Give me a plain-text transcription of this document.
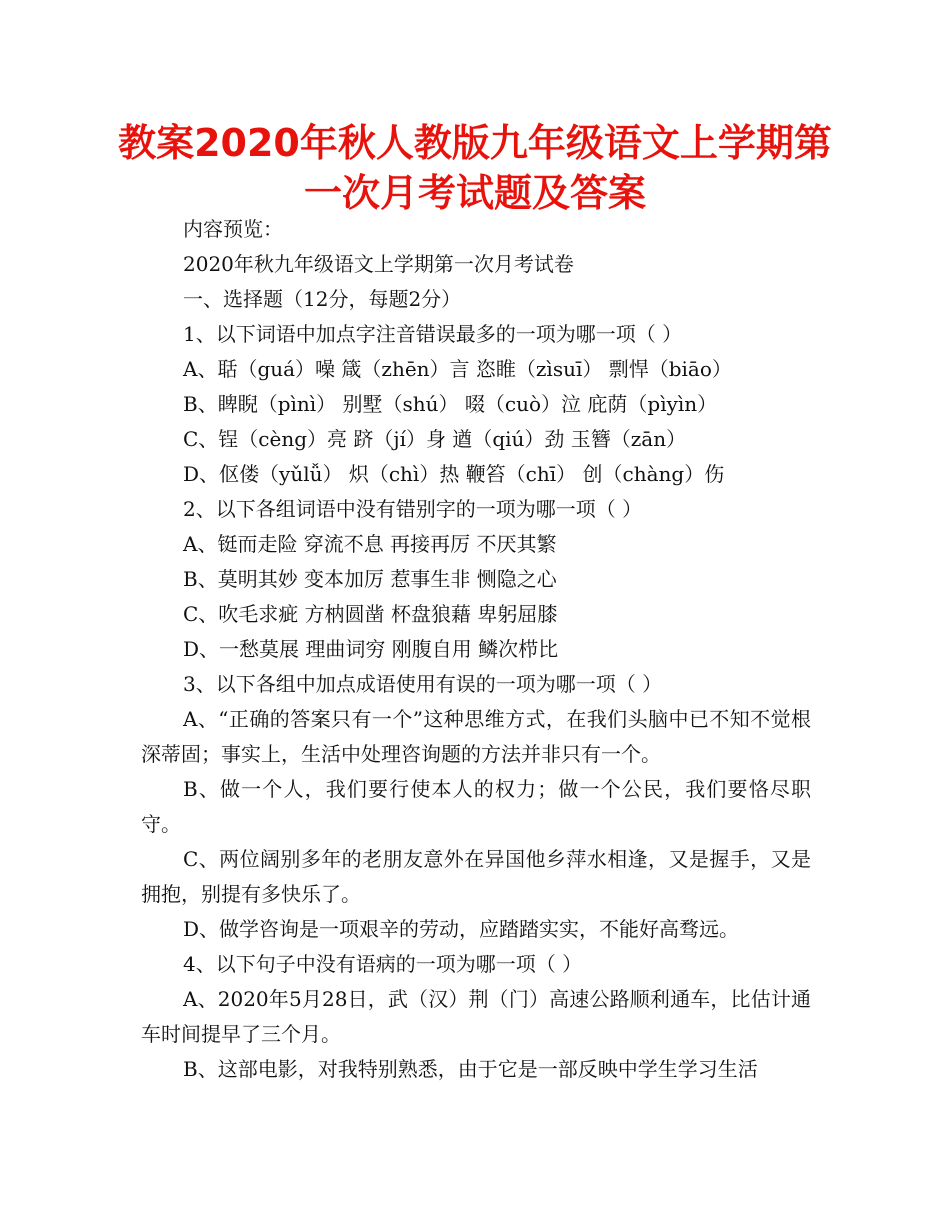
教案2020年秋人教版九年级语文上学期第
一次月考试题及答案

内容预览：

2020年秋九年级语文上学期第一次月考试卷

一、选择题（12分，每题2分）

1、以下词语中加点字注音错误最多的一项为哪一项（ ）

A、聒（guá）噪 箴（zhēn）言 恣睢（zìsuī） 剽悍（biāo）

B、睥睨（pìnì） 别墅（shú） 啜（cuò）泣 庇荫（pìyìn）

C、锃（cèng）亮 跻（jí）身 遒（qiú）劲 玉簪（zān）

D、伛偻（yǔlǚ） 炽（chì）热 鞭笞（chī） 创（chàng）伤

2、以下各组词语中没有错别字的一项为哪一项（ ）

A、铤而走险 穿流不息 再接再厉 不厌其繁

B、莫明其妙 变本加厉 惹事生非 恻隐之心

C、吹毛求疵 方枘圆凿 杯盘狼藉 卑躬屈膝

D、一愁莫展 理曲词穷 刚腹自用 鳞次栉比

3、以下各组中加点成语使用有误的一项为哪一项（ ）

A、“正确的答案只有一个”这种思维方式，在我们头脑中已不知不觉根深蒂固；事实上，生活中处理咨询题的方法并非只有一个。

B、做一个人，我们要行使本人的权力；做一个公民，我们要恪尽职守。

C、两位阔别多年的老朋友意外在异国他乡萍水相逢，又是握手，又是拥抱，别提有多快乐了。

D、做学咨询是一项艰辛的劳动，应踏踏实实，不能好高骛远。

4、以下句子中没有语病的一项为哪一项（ ）

A、2020年5月28日，武（汉）荆（门）高速公路顺利通车，比估计通车时间提早了三个月。

B、这部电影，对我特别熟悉，由于它是一部反映中学生学习生活
